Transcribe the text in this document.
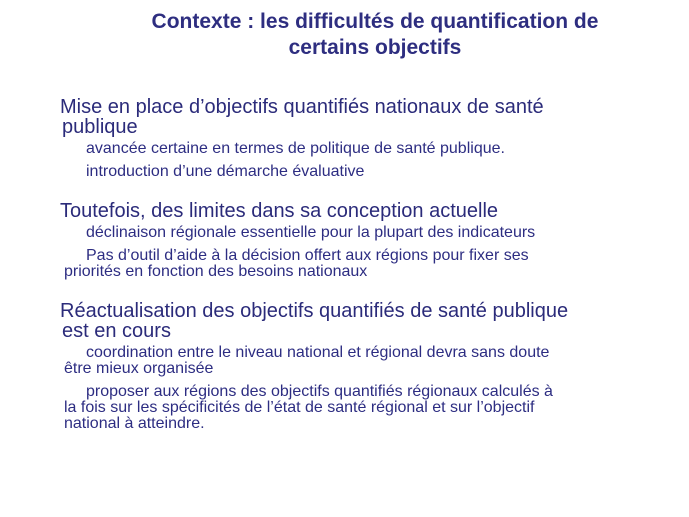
Contexte : les difficultés de quantification de
certains objectifs
Mise en place d’objectifs quantifiés nationaux de santé
publique
avancée certaine en termes de politique de santé publique.
introduction d’une démarche évaluative
Toutefois, des limites dans sa conception actuelle
déclinaison régionale essentielle pour la plupart des indicateurs
Pas d’outil d’aide à la décision offert aux régions pour fixer ses
priorités en fonction des besoins nationaux
Réactualisation des objectifs quantifiés de santé publique
est en cours
coordination entre le niveau national et régional devra sans doute
être mieux organisée
proposer aux régions des objectifs quantifiés régionaux calculés à
la fois sur les spécificités de l’état de santé régional et sur l’objectif
national à atteindre.
